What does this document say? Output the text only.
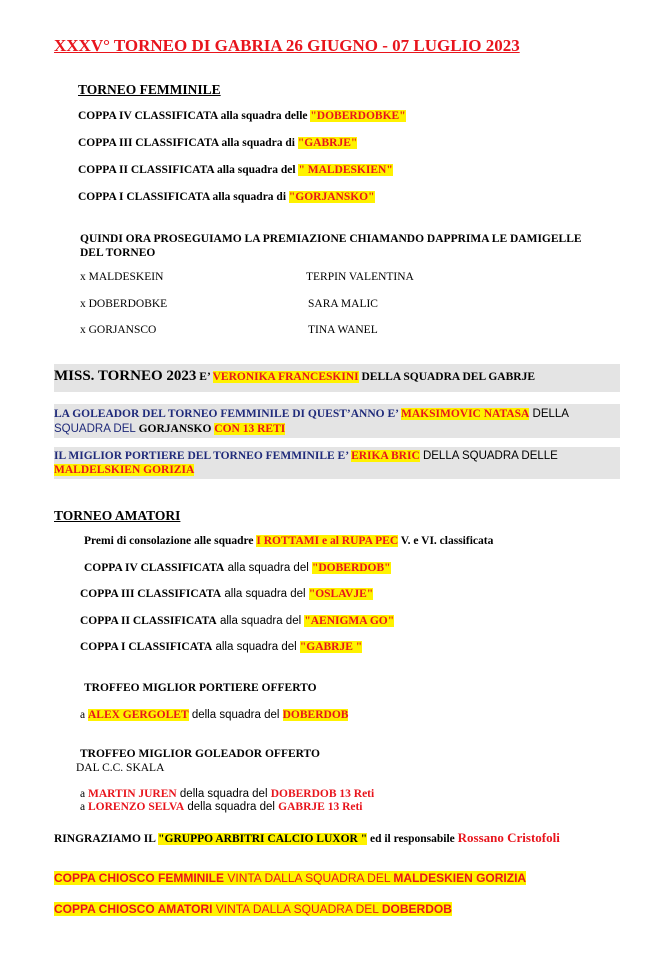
XXXV° TORNEO DI GABRIA 26 GIUGNO - 07 LUGLIO 2023
TORNEO FEMMINILE
COPPA IV CLASSIFICATA alla squadra delle "DOBERDOBKE"
COPPA III CLASSIFICATA alla squadra di "GABRJE"
COPPA II CLASSIFICATA alla squadra del " MALDESKIEN"
COPPA I CLASSIFICATA alla squadra di "GORJANSKO"
QUINDI ORA PROSEGUIAMO LA PREMIAZIONE CHIAMANDO DAPPRIMA LE DAMIGELLE
DEL TORNEO
x MALDESKEIN	TERPIN VALENTINA
x DOBERDOBKE	SARA MALIC
x GORJANSCO	TINA WANEL
MISS. TORNEO 2023 E’ VERONIKA FRANCESKINI DELLA SQUADRA DEL GABRJE
LA GOLEADOR DEL TORNEO FEMMINILE DI QUEST’ANNO E’ MAKSIMOVIC NATASA DELLA
SQUADRA DEL GORJANSKO CON 13 RETI
IL MIGLIOR PORTIERE DEL TORNEO FEMMINILE E’ ERIKA BRIC DELLA SQUADRA DELLE
MALDELSKIEN GORIZIA
TORNEO AMATORI
Premi di consolazione alle squadre I ROTTAMI e al RUPA PEC V. e VI. classificata
COPPA IV CLASSIFICATA alla squadra del "DOBERDOB"
COPPA III CLASSIFICATA alla squadra del "OSLAVJE"
COPPA II CLASSIFICATA alla squadra del "AENIGMA GO"
COPPA I CLASSIFICATA alla squadra del "GABRJE "
TROFFEO MIGLIOR PORTIERE OFFERTO
a ALEX GERGOLET della squadra del DOBERDOB
TROFFEO MIGLIOR GOLEADOR OFFERTO
DAL C.C. SKALA
a MARTIN JUREN della squadra del DOBERDOB 13 Reti
a LORENZO SELVA della squadra del GABRJE 13 Reti
RINGRAZIAMO IL "GRUPPO ARBITRI CALCIO LUXOR " ed il responsabile Rossano Cristofoli
COPPA CHIOSCO FEMMINILE VINTA DALLA SQUADRA DEL MALDESKIEN GORIZIA
COPPA CHIOSCO AMATORI VINTA DALLA SQUADRA DEL DOBERDOB
